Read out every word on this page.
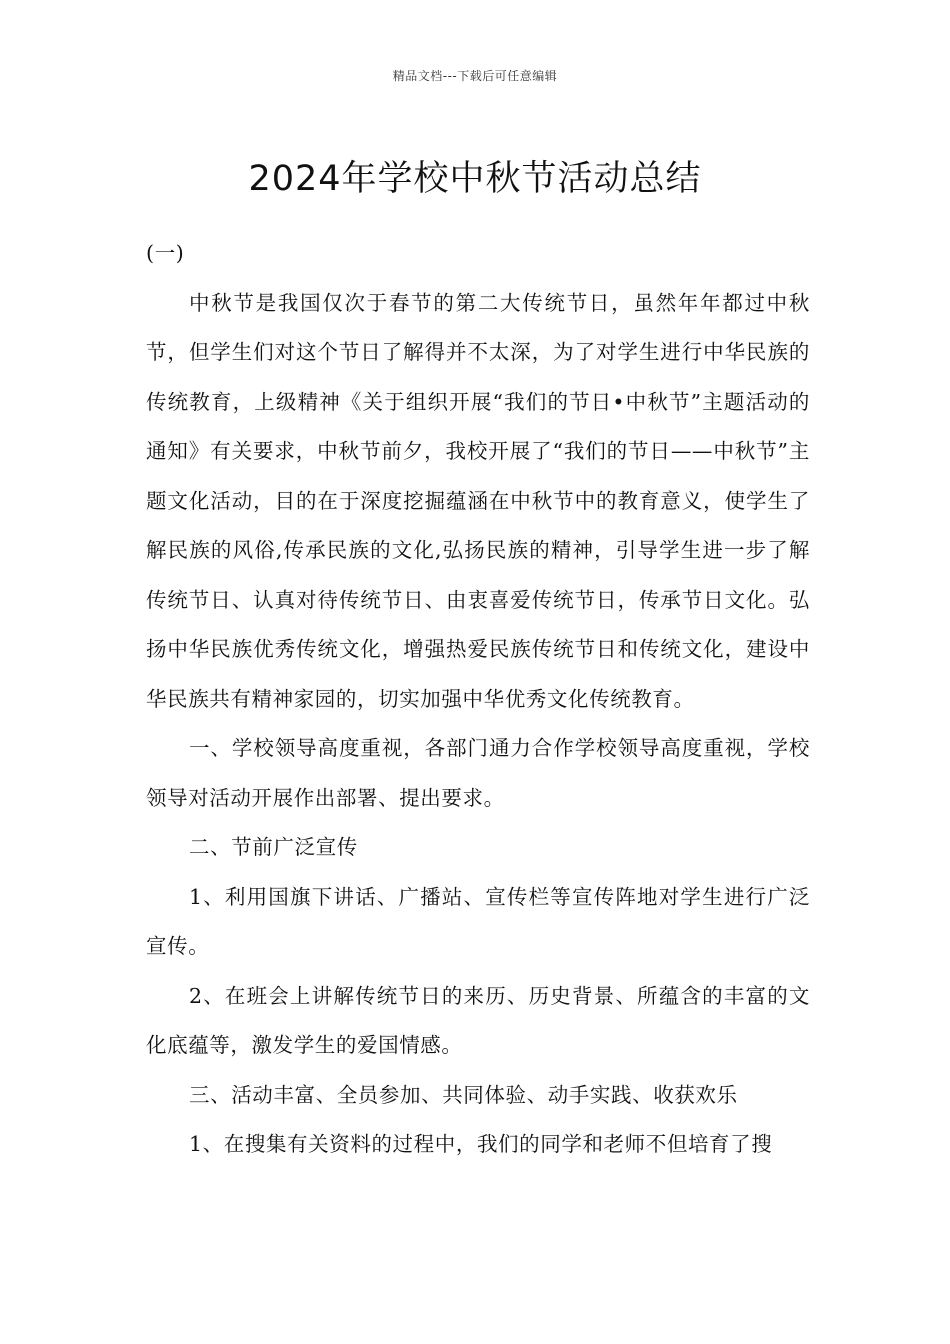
精品文档---下载后可任意编辑
2024年学校中秋节活动总结

(一)

中秋节是我国仅次于春节的第二大传统节日，虽然年年都过中秋节，但学生们对这个节日了解得并不太深，为了对学生进行中华民族的传统教育，上级精神《关于组织开展“我们的节日•中秋节”主题活动的通知》有关要求，中秋节前夕，我校开展了“我们的节日——中秋节”主题文化活动，目的在于深度挖掘蕴涵在中秋节中的教育意义，使学生了解民族的风俗,传承民族的文化,弘扬民族的精神，引导学生进一步了解传统节日、认真对待传统节日、由衷喜爱传统节日，传承节日文化。弘扬中华民族优秀传统文化，增强热爱民族传统节日和传统文化，建设中华民族共有精神家园的，切实加强中华优秀文化传统教育。

一、学校领导高度重视，各部门通力合作学校领导高度重视，学校领导对活动开展作出部署、提出要求。

二、节前广泛宣传

1、利用国旗下讲话、广播站、宣传栏等宣传阵地对学生进行广泛宣传。

2、在班会上讲解传统节日的来历、历史背景、所蕴含的丰富的文化底蕴等，激发学生的爱国情感。

三、活动丰富、全员参加、共同体验、动手实践、收获欢乐

1、在搜集有关资料的过程中，我们的同学和老师不但培育了搜
